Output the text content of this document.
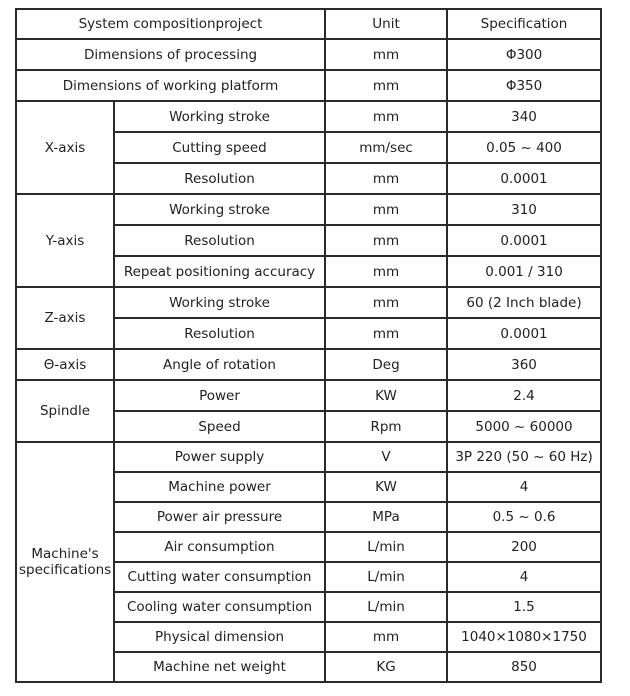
System compositionproject		Unit	Specification
Dimensions of processing		mm	Φ300
Dimensions of working platform		mm	Φ350
X-axis	Working stroke	mm	340
	Cutting speed	mm/sec	0.05 ~ 400
	Resolution	mm	0.0001
Y-axis	Working stroke	mm	310
	Resolution	mm	0.0001
	Repeat positioning accuracy	mm	0.001 / 310
Z-axis	Working stroke	mm	60 (2 Inch blade)
	Resolution	mm	0.0001
Θ-axis	Angle of rotation	Deg	360
Spindle	Power	KW	2.4
	Speed	Rpm	5000 ~ 60000
Machine's specifications	Power supply	V	3P 220 (50 ~ 60 Hz)
	Machine power	KW	4
	Power air pressure	MPa	0.5 ~ 0.6
	Air consumption	L/min	200
	Cutting water consumption	L/min	4
	Cooling water consumption	L/min	1.5
	Physical dimension	mm	1040×1080×1750
	Machine net weight	KG	850
